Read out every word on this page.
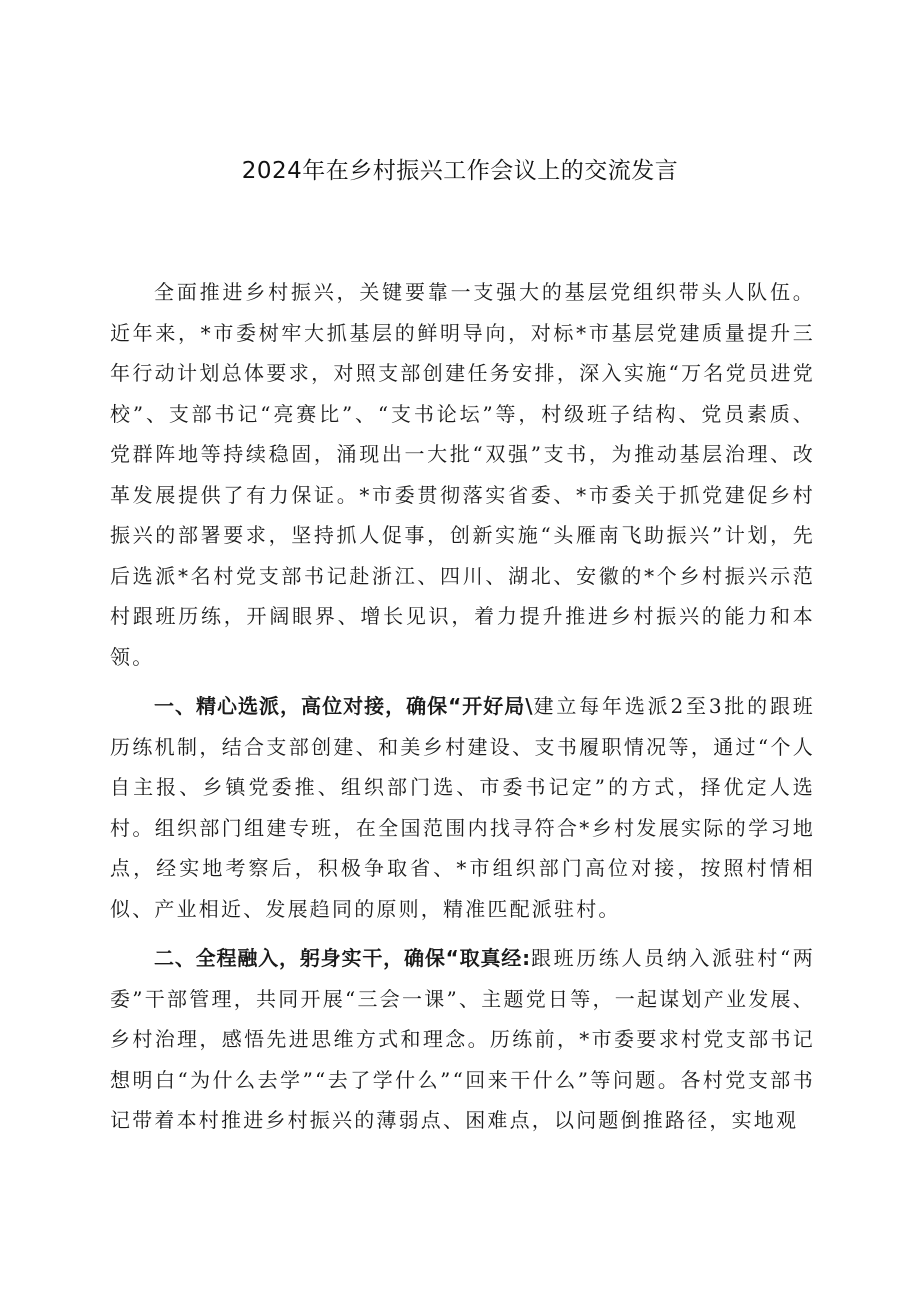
2024年在乡村振兴工作会议上的交流发言

全面推进乡村振兴，关键要靠一支强大的基层党组织带头人队伍。近年来，*市委树牢大抓基层的鲜明导向，对标*市基层党建质量提升三年行动计划总体要求，对照支部创建任务安排，深入实施“万名党员进党校”、支部书记“亮赛比”、“支书论坛”等，村级班子结构、党员素质、党群阵地等持续稳固，涌现出一大批“双强”支书，为推动基层治理、改革发展提供了有力保证。*市委贯彻落实省委、*市委关于抓党建促乡村振兴的部署要求，坚持抓人促事，创新实施“头雁南飞助振兴”计划，先后选派*名村党支部书记赴浙江、四川、湖北、安徽的*个乡村振兴示范村跟班历练，开阔眼界、增长见识，着力提升推进乡村振兴的能力和本领。

一、精心选派，高位对接，确保“开好局\建立每年选派2至3批的跟班历练机制，结合支部创建、和美乡村建设、支书履职情况等，通过“个人自主报、乡镇党委推、组织部门选、市委书记定”的方式，择优定人选村。组织部门组建专班，在全国范围内找寻符合*乡村发展实际的学习地点，经实地考察后，积极争取省、*市组织部门高位对接，按照村情相似、产业相近、发展趋同的原则，精准匹配派驻村。

二、全程融入，躬身实干，确保“取真经:跟班历练人员纳入派驻村“两委”干部管理，共同开展“三会一课”、主题党日等，一起谋划产业发展、乡村治理，感悟先进思维方式和理念。历练前，*市委要求村党支部书记想明白“为什么去学”“去了学什么”“回来干什么”等问题。各村党支部书记带着本村推进乡村振兴的薄弱点、困难点，以问题倒推路径，实地观
